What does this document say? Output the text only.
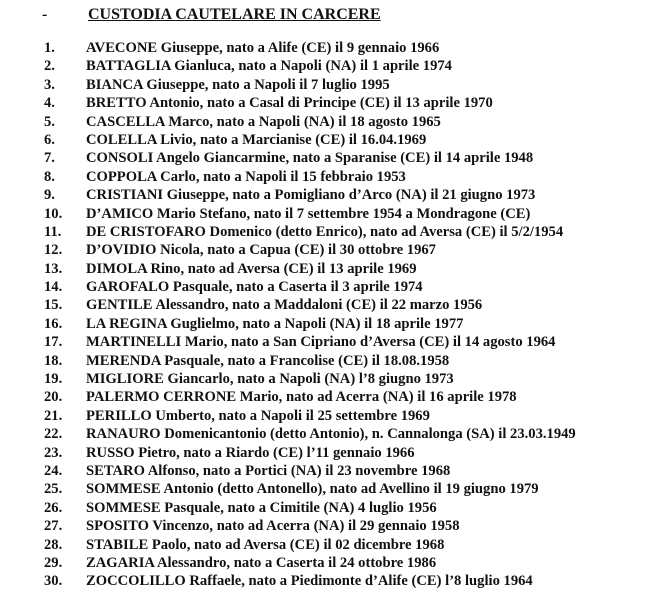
-	CUSTODIA CAUTELARE IN CARCERE
1. AVECONE Giuseppe, nato a Alife (CE) il 9 gennaio 1966
2. BATTAGLIA Gianluca, nato a Napoli (NA) il 1 aprile 1974
3. BIANCA Giuseppe, nato a Napoli il 7 luglio 1995
4. BRETTO Antonio, nato a Casal di Principe (CE) il 13 aprile 1970
5. CASCELLA Marco, nato a Napoli (NA) il 18 agosto 1965
6. COLELLA Livio, nato a Marcianise (CE) il 16.04.1969
7. CONSOLI Angelo Giancarmine, nato a Sparanise (CE) il 14 aprile 1948
8. COPPOLA Carlo, nato a Napoli il 15 febbraio 1953
9. CRISTIANI Giuseppe, nato a Pomigliano d’Arco (NA) il 21 giugno 1973
10. D’AMICO Mario Stefano, nato il 7 settembre 1954 a Mondragone (CE)
11. DE CRISTOFARO Domenico (detto Enrico), nato ad Aversa (CE) il 5/2/1954
12. D’OVIDIO Nicola, nato a Capua (CE) il 30 ottobre 1967
13. DIMOLA Rino, nato ad Aversa (CE) il 13 aprile 1969
14. GAROFALO Pasquale, nato a Caserta il 3 aprile 1974
15. GENTILE Alessandro, nato a Maddaloni (CE) il 22 marzo 1956
16. LA REGINA Guglielmo, nato a Napoli (NA) il 18 aprile 1977
17. MARTINELLI Mario, nato a San Cipriano d’Aversa (CE) il 14 agosto 1964
18. MERENDA Pasquale, nato a Francolise (CE) il 18.08.1958
19. MIGLIORE Giancarlo, nato a Napoli (NA) l’8 giugno 1973
20. PALERMO CERRONE Mario, nato ad Acerra (NA) il 16 aprile 1978
21. PERILLO Umberto, nato a Napoli il 25 settembre 1969
22. RANAURO Domenicantonio (detto Antonio), n. Cannalonga (SA) il 23.03.1949
23. RUSSO Pietro, nato a Riardo (CE) l’11 gennaio 1966
24. SETARO Alfonso, nato a Portici (NA) il 23 novembre 1968
25. SOMMESE Antonio (detto Antonello), nato ad Avellino il 19 giugno 1979
26. SOMMESE Pasquale, nato a Cimitile (NA) 4 luglio 1956
27. SPOSITO Vincenzo, nato ad Acerra (NA) il 29 gennaio 1958
28. STABILE Paolo, nato ad Aversa (CE) il 02 dicembre 1968
29. ZAGARIA Alessandro, nato a Caserta il 24 ottobre 1986
30. ZOCCOLILLO Raffaele, nato a Piedimonte d’Alife (CE) l’8 luglio 1964
